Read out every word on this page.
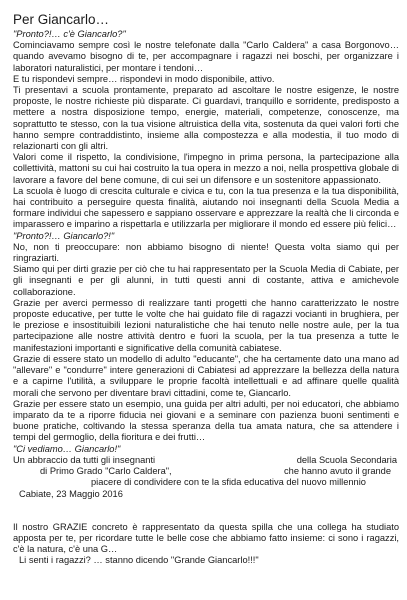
Per Giancarlo…

"Pronto?!… c'è Giancarlo?"

Cominciavamo sempre così le nostre telefonate dalla "Carlo Caldera" a casa Borgonovo… quando avevamo bisogno di te, per accompagnare i ragazzi nei boschi, per organizzare i laboratori naturalistici, per montare i tendoni…

E tu rispondevi sempre… rispondevi in modo disponibile, attivo.

Ti presentavi a scuola prontamente, preparato ad ascoltare le nostre esigenze, le nostre proposte, le nostre richieste più disparate. Ci guardavi, tranquillo e sorridente, predisposto a mettere a nostra disposizione tempo, energie, materiali, competenze, conoscenze, ma soprattutto te stesso, con la tua visione altruistica della vita, sostenuta da quei valori forti che hanno sempre contraddistinto, insieme alla compostezza e alla modestia, il tuo modo di relazionarti con gli altri.

Valori come il rispetto, la condivisione, l'impegno in prima persona, la partecipazione alla collettività, mattoni su cui hai costruito la tua opera in mezzo a noi, nella prospettiva globale di lavorare a favore del bene comune, di cui sei un difensore e un sostenitore appassionato.

La scuola è luogo di crescita culturale e civica e tu, con la tua presenza e la tua disponibilità, hai contribuito a perseguire questa finalità, aiutando noi insegnanti della Scuola Media a formare individui che sapessero e sappiano osservare e apprezzare la realtà che li circonda e imparassero e imparino a rispettarla e utilizzarla per migliorare il mondo ed essere più felici…

"Pronto?!… Giancarlo?!"

No, non ti preoccupare: non abbiamo bisogno di niente! Questa volta siamo qui per ringraziarti.

Siamo qui per dirti grazie per ciò che tu hai rappresentato per la Scuola Media di Cabiate, per gli insegnanti e per gli alunni, in tutti questi anni di costante, attiva e amichevole collaborazione.

Grazie per averci permesso di realizzare tanti progetti che hanno caratterizzato le nostre proposte educative, per tutte le volte che hai guidato file di ragazzi vocianti in brughiera, per le preziose e insostituibili lezioni naturalistiche che hai tenuto nelle nostre aule, per la tua partecipazione alle nostre attività dentro e fuori la scuola, per la tua presenza a tutte le manifestazioni importanti e significative della comunità cabiatese.

Grazie di essere stato un modello di adulto "educante", che ha certamente dato una mano ad "allevare" e "condurre" intere generazioni di Cabiatesi ad apprezzare la bellezza della natura e a capirne l'utilità, a sviluppare le proprie facoltà intellettuali e ad affinare quelle qualità morali che servono per diventare bravi cittadini, come te, Giancarlo.

Grazie per essere stato un esempio, una guida per altri adulti, per noi educatori, che abbiamo imparato da te a riporre fiducia nei giovani e a seminare con pazienza buoni sentimenti e buone pratiche, coltivando la stessa speranza della tua amata natura, che sa attendere i tempi del germoglio, della fioritura e dei frutti…

"Ci vediamo… Giancarlo!"

Un abbraccio da tutti gli insegnanti	della Scuola Secondaria
di Primo Grado "Carlo Caldera",	che hanno avuto il grande
piacere di condividere con te la sfida educativa del nuovo millennio
Cabiate, 23 Maggio 2016

Il nostro GRAZIE concreto è rappresentato da questa spilla che una collega ha studiato apposta per te, per ricordare tutte le belle cose che abbiamo fatto insieme: ci sono i ragazzi, c'è la natura, c'è una G…

Li senti i ragazzi? … stanno dicendo "Grande Giancarlo!!!"
